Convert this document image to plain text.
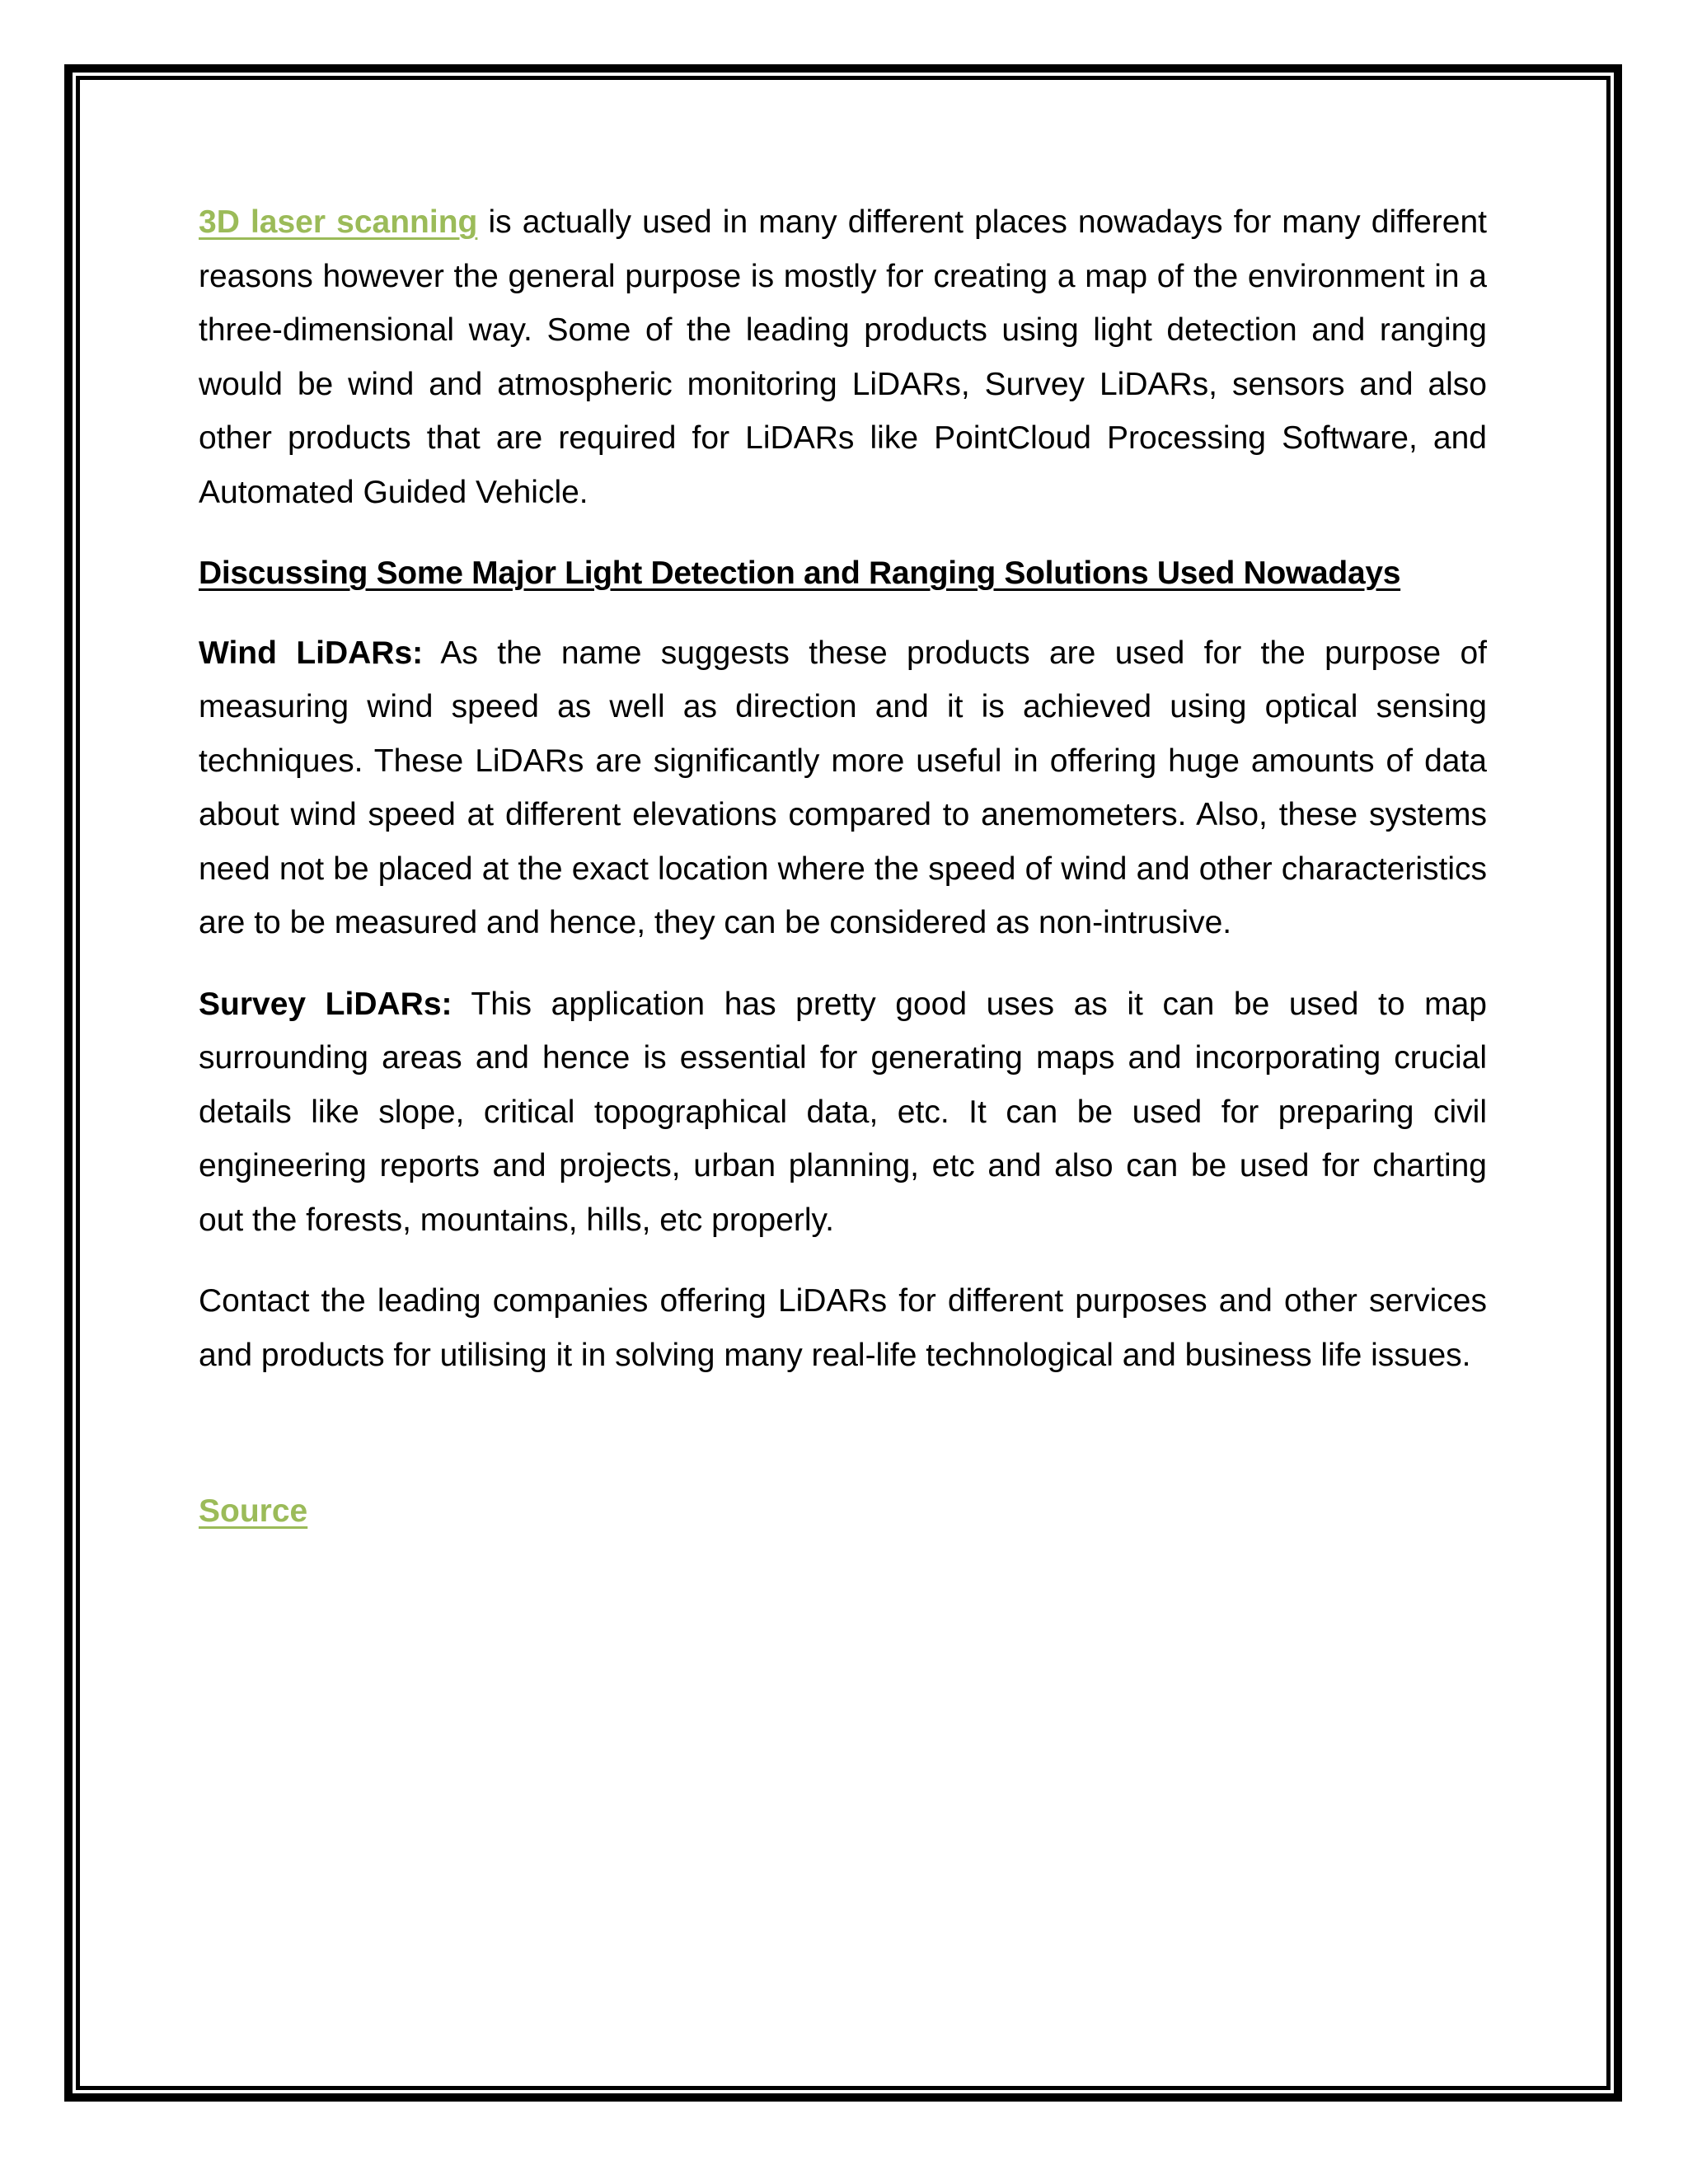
3D laser scanning is actually used in many different places nowadays for many different reasons however the general purpose is mostly for creating a map of the environment in a three-dimensional way. Some of the leading products using light detection and ranging would be wind and atmospheric monitoring LiDARs, Survey LiDARs, sensors and also other products that are required for LiDARs like PointCloud Processing Software, and Automated Guided Vehicle.

Discussing Some Major Light Detection and Ranging Solutions Used Nowadays

Wind LiDARs: As the name suggests these products are used for the purpose of measuring wind speed as well as direction and it is achieved using optical sensing techniques. These LiDARs are significantly more useful in offering huge amounts of data about wind speed at different elevations compared to anemometers. Also, these systems need not be placed at the exact location where the speed of wind and other characteristics are to be measured and hence, they can be considered as non-intrusive.

Survey LiDARs: This application has pretty good uses as it can be used to map surrounding areas and hence is essential for generating maps and incorporating crucial details like slope, critical topographical data, etc. It can be used for preparing civil engineering reports and projects, urban planning, etc and also can be used for charting out the forests, mountains, hills, etc properly.

Contact the leading companies offering LiDARs for different purposes and other services and products for utilising it in solving many real-life technological and business life issues.

Source
